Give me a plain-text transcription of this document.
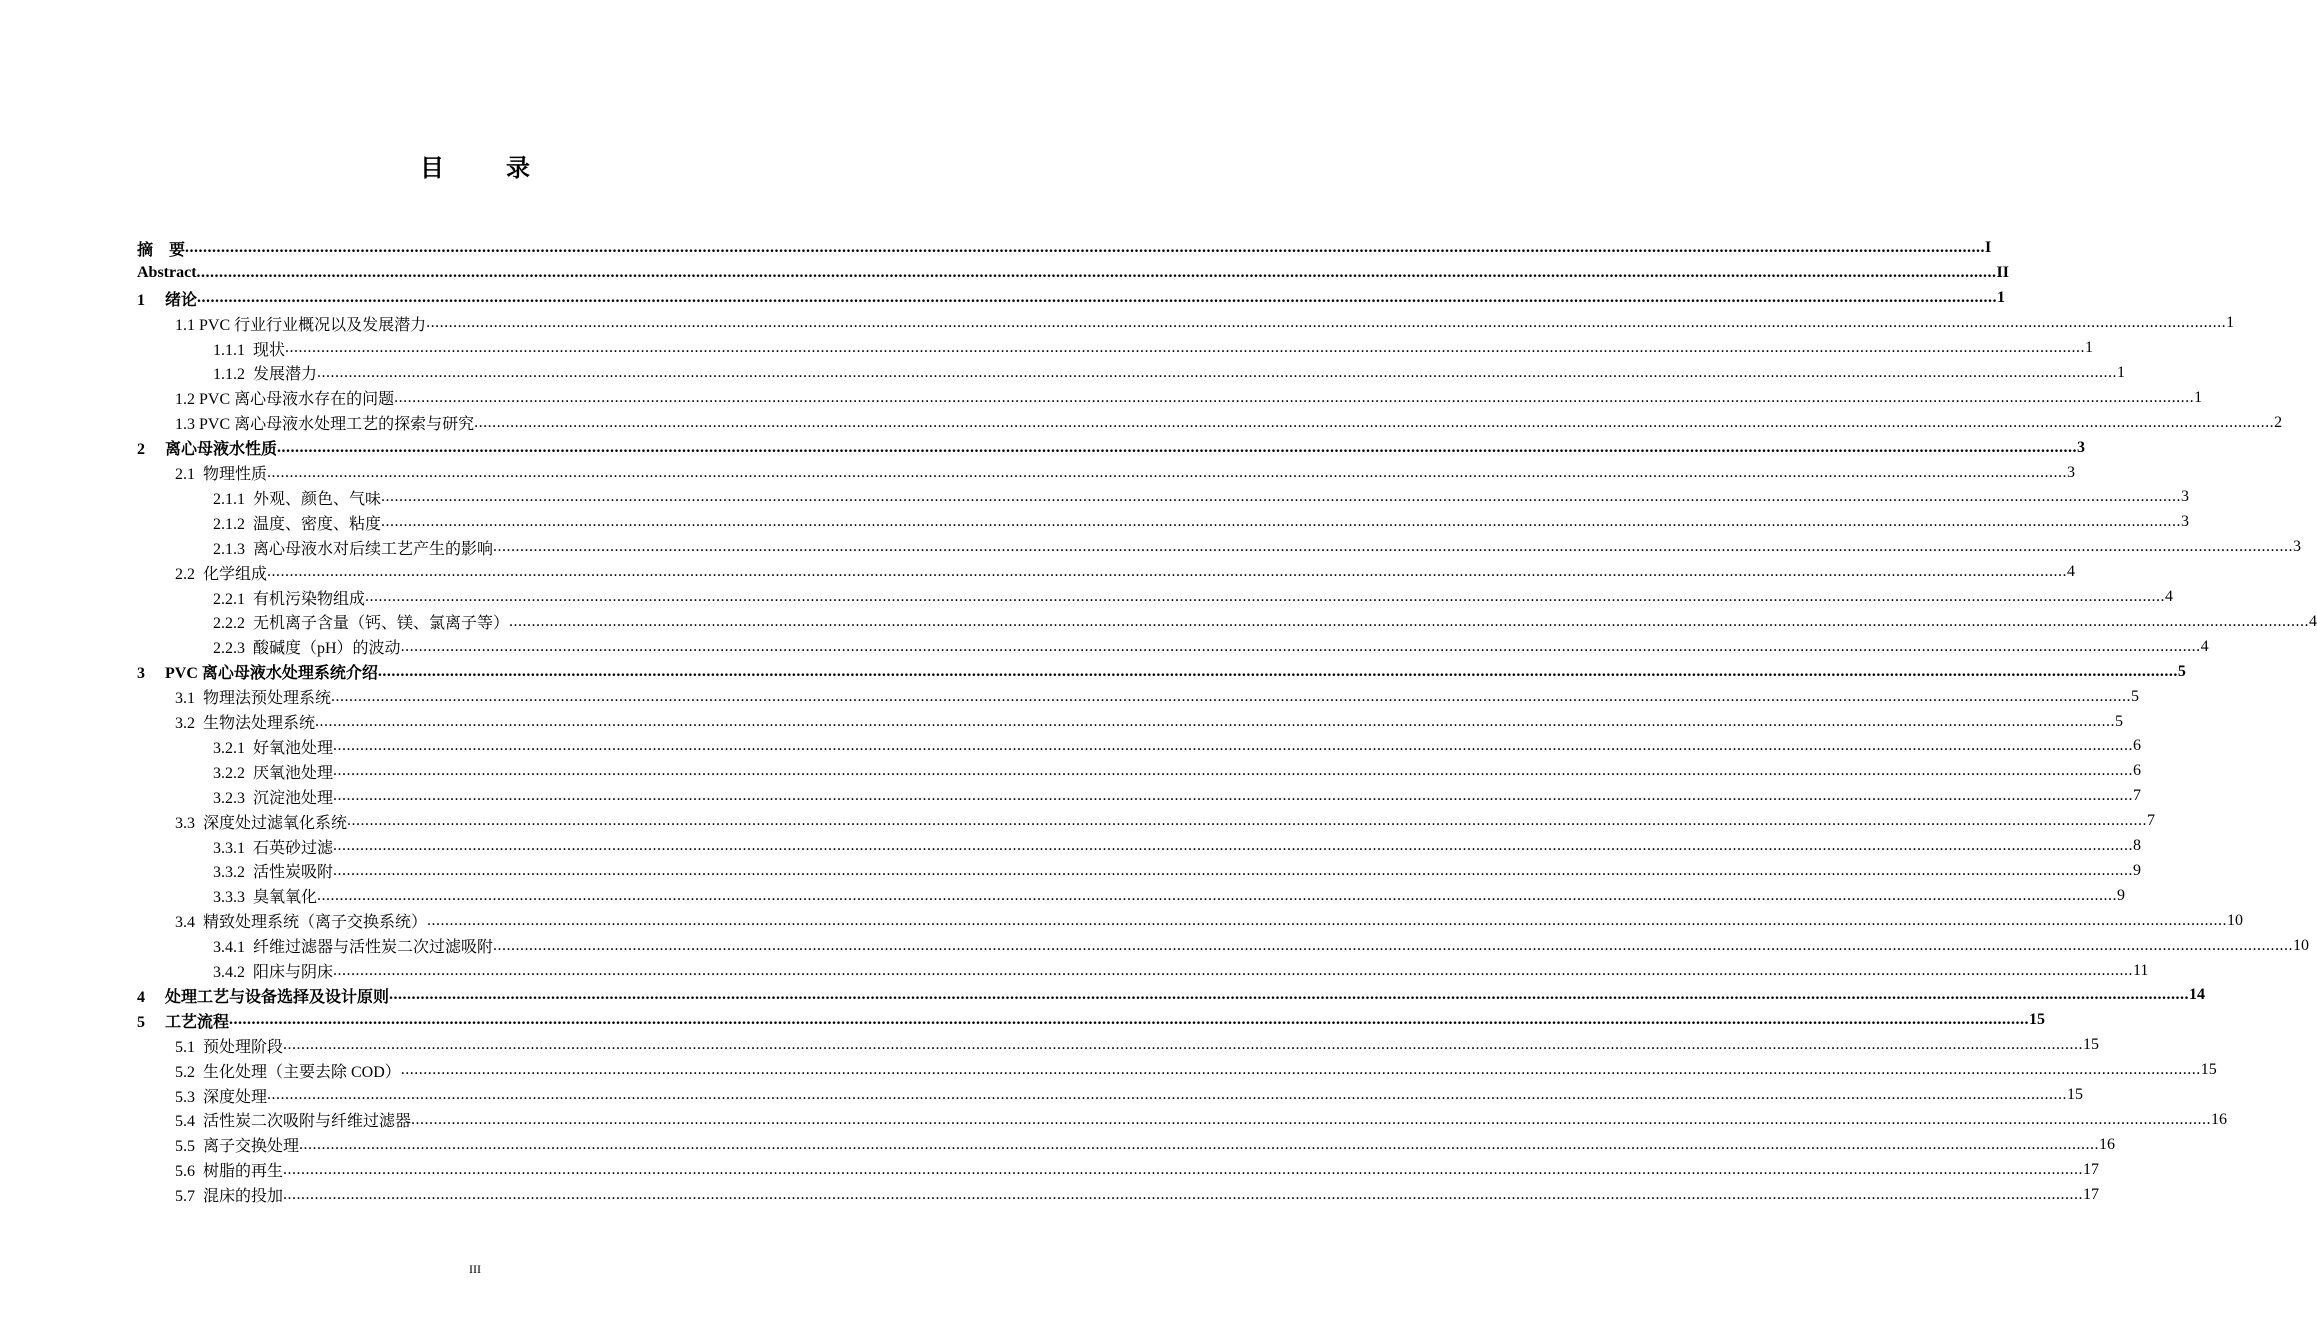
目 录
摘    要 ................................................................................................................................................................................................................................................................................................................................................................................................................ I
Abstract ................................................................................................................................................................................................................................................................................................................................................................................................................ II
1 绪论 ................................................................................................................................................................................................................................................................................................................................................................................................................ 1
1.1 PVC 行业行业概况以及发展潜力 ................................................................................................................................................................................................................................................................................................................................................................................................................ 1
1.1.1  现状 ................................................................................................................................................................................................................................................................................................................................................................................................................ 1
1.1.2  发展潜力 ................................................................................................................................................................................................................................................................................................................................................................................................................ 1
1.2 PVC 离心母液水存在的问题 ................................................................................................................................................................................................................................................................................................................................................................................................................ 1
1.3 PVC 离心母液水处理工艺的探索与研究 ................................................................................................................................................................................................................................................................................................................................................................................................................ 2
2 离心母液水性质 ................................................................................................................................................................................................................................................................................................................................................................................................................ 3
2.1  物理性质 ................................................................................................................................................................................................................................................................................................................................................................................................................ 3
2.1.1  外观、颜色、气味 ................................................................................................................................................................................................................................................................................................................................................................................................................ 3
2.1.2  温度、密度、粘度 ................................................................................................................................................................................................................................................................................................................................................................................................................ 3
2.1.3  离心母液水对后续工艺产生的影响 ................................................................................................................................................................................................................................................................................................................................................................................................................ 3
2.2  化学组成 ................................................................................................................................................................................................................................................................................................................................................................................................................ 4
2.2.1  有机污染物组成 ................................................................................................................................................................................................................................................................................................................................................................................................................ 4
2.2.2  无机离子含量（钙、镁、氯离子等） ................................................................................................................................................................................................................................................................................................................................................................................................................ 4
2.2.3  酸碱度（pH）的波动 ................................................................................................................................................................................................................................................................................................................................................................................................................ 4
3 PVC 离心母液水处理系统介绍 ................................................................................................................................................................................................................................................................................................................................................................................................................ 5
3.1  物理法预处理系统 ................................................................................................................................................................................................................................................................................................................................................................................................................ 5
3.2  生物法处理系统 ................................................................................................................................................................................................................................................................................................................................................................................................................ 5
3.2.1  好氧池处理 ................................................................................................................................................................................................................................................................................................................................................................................................................ 6
3.2.2  厌氧池处理 ................................................................................................................................................................................................................................................................................................................................................................................................................ 6
3.2.3  沉淀池处理 ................................................................................................................................................................................................................................................................................................................................................................................................................ 7
3.3  深度处过滤氧化系统 ................................................................................................................................................................................................................................................................................................................................................................................................................ 7
3.3.1  石英砂过滤 ................................................................................................................................................................................................................................................................................................................................................................................................................ 8
3.3.2  活性炭吸附 ................................................................................................................................................................................................................................................................................................................................................................................................................ 9
3.3.3  臭氧氧化 ................................................................................................................................................................................................................................................................................................................................................................................................................ 9
3.4  精致处理系统（离子交换系统） ................................................................................................................................................................................................................................................................................................................................................................................................................ 10
3.4.1  纤维过滤器与活性炭二次过滤吸附 ................................................................................................................................................................................................................................................................................................................................................................................................................ 10
3.4.2  阳床与阴床 ................................................................................................................................................................................................................................................................................................................................................................................................................ 11
4 处理工艺与设备选择及设计原则 ................................................................................................................................................................................................................................................................................................................................................................................................................ 14
5 工艺流程 ................................................................................................................................................................................................................................................................................................................................................................................................................ 15
5.1  预处理阶段 ................................................................................................................................................................................................................................................................................................................................................................................................................ 15
5.2  生化处理（主要去除 COD） ................................................................................................................................................................................................................................................................................................................................................................................................................ 15
5.3  深度处理 ................................................................................................................................................................................................................................................................................................................................................................................................................ 15
5.4  活性炭二次吸附与纤维过滤器 ................................................................................................................................................................................................................................................................................................................................................................................................................ 16
5.5  离子交换处理 ................................................................................................................................................................................................................................................................................................................................................................................................................ 16
5.6  树脂的再生 ................................................................................................................................................................................................................................................................................................................................................................................................................ 17
5.7  混床的投加 ................................................................................................................................................................................................................................................................................................................................................................................................................ 17
III
